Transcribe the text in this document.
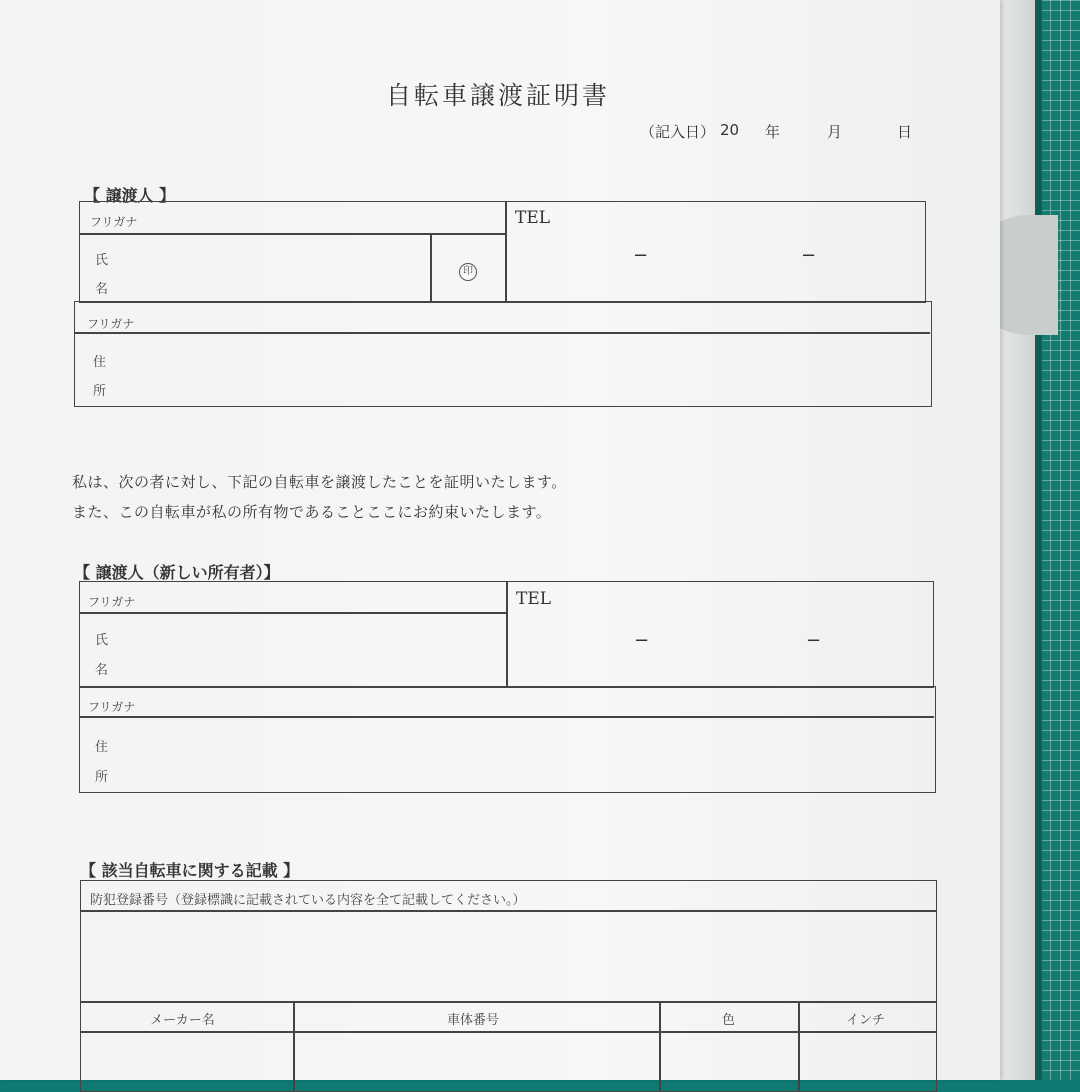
自転車譲渡証明書
（記入日） 20 年	月	日
【 譲渡人 】
フリガナ
氏
名
印
TEL
−	−
フリガナ
住
所
私は、次の者に対し、下記の自転車を譲渡したことを証明いたします。
また、この自転車が私の所有物であることここにお約束いたします。
【 譲渡人（新しい所有者）】
フリガナ
氏
名
TEL
−	−
フリガナ
住
所
【 該当自転車に関する記載 】
防犯登録番号（登録標識に記載されている内容を全て記載してください。）
メーカー名	車体番号	色	インチ
